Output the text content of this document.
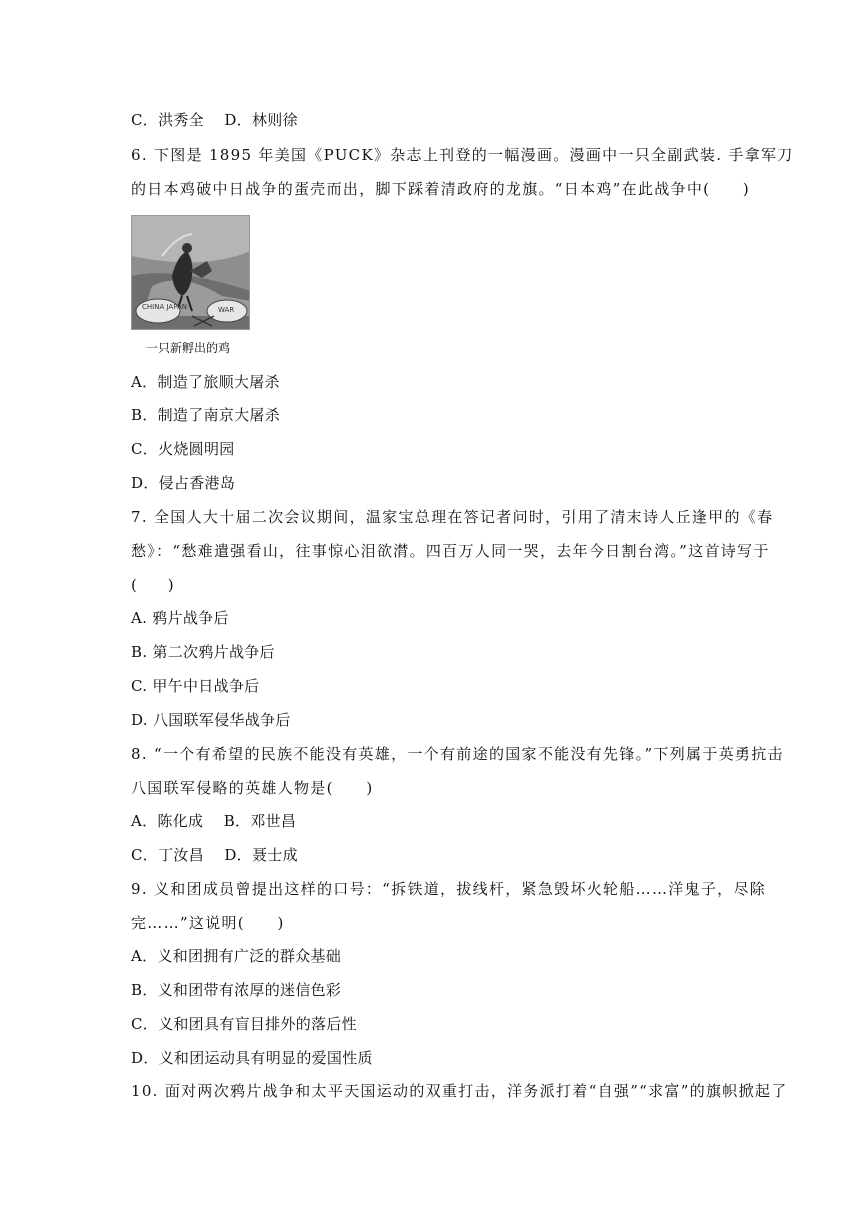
C．洪秀全　 D．林则徐
6. 下图是 1895 年美国《PUCK》杂志上刊登的一幅漫画。漫画中一只全副武装. 手拿军刀
的日本鸡破中日战争的蛋壳而出，脚下踩着清政府的龙旗。“日本鸡”在此战争中(　　)
CHINA JAPAN	WAR
一只新孵出的鸡
A．制造了旅顺大屠杀
B．制造了南京大屠杀
C．火烧圆明园
D．侵占香港岛
7. 全国人大十届二次会议期间，温家宝总理在答记者问时，引用了清末诗人丘逢甲的《春
愁》：“愁难遣强看山，往事惊心泪欲潸。四百万人同一哭，去年今日割台湾。”这首诗写于
(　　)
A. 鸦片战争后
B. 第二次鸦片战争后
C. 甲午中日战争后
D. 八国联军侵华战争后
8. “一个有希望的民族不能没有英雄，一个有前途的国家不能没有先锋。”下列属于英勇抗击
八国联军侵略的英雄人物是(　　)
A．陈化成　 B．邓世昌
C．丁汝昌　 D．聂士成
9. 义和团成员曾提出这样的口号：“拆铁道，拔线杆，紧急毁坏火轮船……洋鬼子，尽除
完……”这说明(　　)
A．义和团拥有广泛的群众基础
B．义和团带有浓厚的迷信色彩
C．义和团具有盲目排外的落后性
D．义和团运动具有明显的爱国性质
10. 面对两次鸦片战争和太平天国运动的双重打击，洋务派打着“自强”“求富”的旗帜掀起了
